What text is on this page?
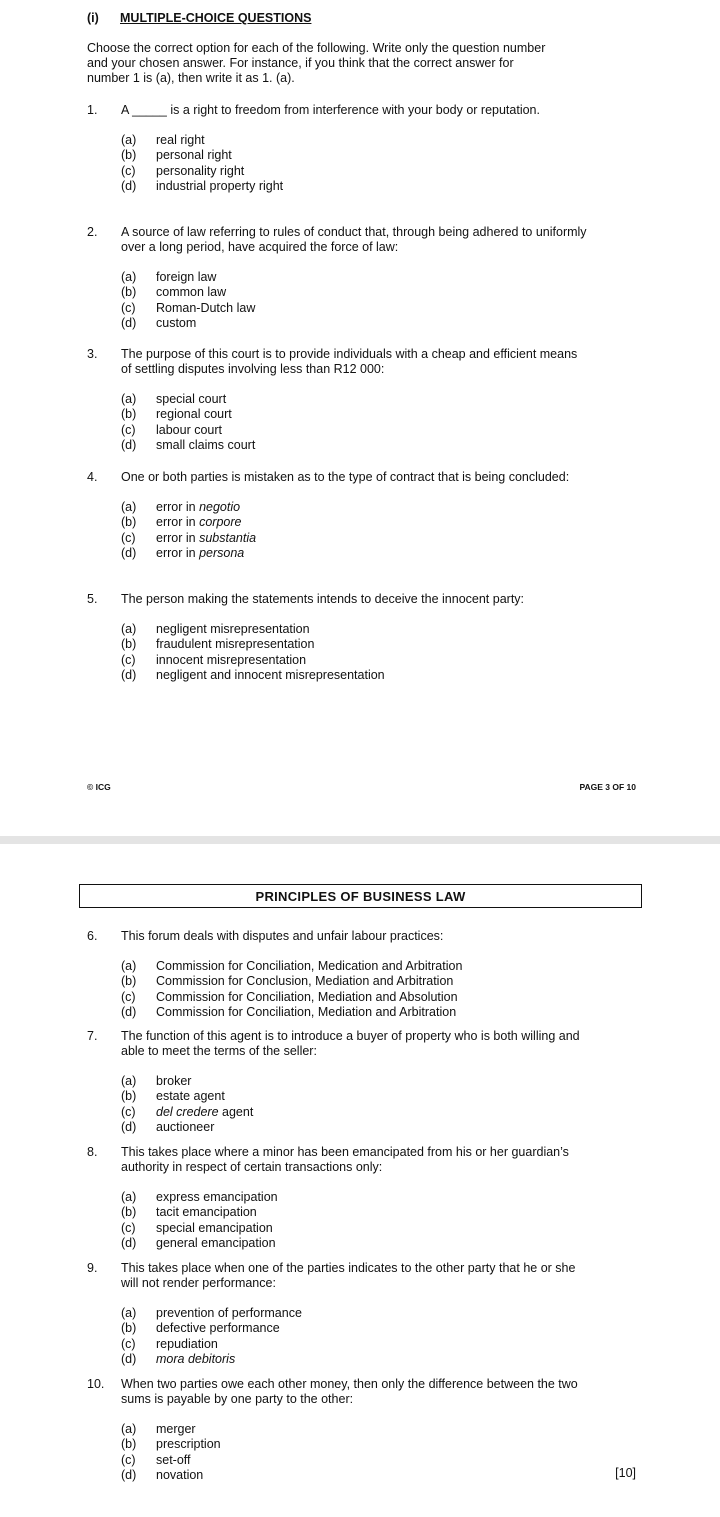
(i) MULTIPLE-CHOICE QUESTIONS
Choose the correct option for each of the following. Write only the question number and your chosen answer. For instance, if you think that the correct answer for number 1 is (a), then write it as 1. (a).
1.	A _____ is a right to freedom from interference with your body or reputation.
(a)	real right
(b)	personal right
(c)	personality right
(d)	industrial property right
2.	A source of law referring to rules of conduct that, through being adhered to uniformly over a long period, have acquired the force of law:
(a)	foreign law
(b)	common law
(c)	Roman-Dutch law
(d)	custom
3.	The purpose of this court is to provide individuals with a cheap and efficient means of settling disputes involving less than R12 000:
(a)	special court
(b)	regional court
(c)	labour court
(d)	small claims court
4.	One or both parties is mistaken as to the type of contract that is being concluded:
(a)	error in negotio
(b)	error in corpore
(c)	error in substantia
(d)	error in persona
5.	The person making the statements intends to deceive the innocent party:
(a)	negligent misrepresentation
(b)	fraudulent misrepresentation
(c)	innocent misrepresentation
(d)	negligent and innocent misrepresentation
© ICG	PAGE 3 OF 10
PRINCIPLES OF BUSINESS LAW
6.	This forum deals with disputes and unfair labour practices:
(a)	Commission for Conciliation, Medication and Arbitration
(b)	Commission for Conclusion, Mediation and Arbitration
(c)	Commission for Conciliation, Mediation and Absolution
(d)	Commission for Conciliation, Mediation and Arbitration
7.	The function of this agent is to introduce a buyer of property who is both willing and able to meet the terms of the seller:
(a)	broker
(b)	estate agent
(c)	del credere agent
(d)	auctioneer
8.	This takes place where a minor has been emancipated from his or her guardian’s authority in respect of certain transactions only:
(a)	express emancipation
(b)	tacit emancipation
(c)	special emancipation
(d)	general emancipation
9.	This takes place when one of the parties indicates to the other party that he or she will not render performance:
(a)	prevention of performance
(b)	defective performance
(c)	repudiation
(d)	mora debitoris
10.	When two parties owe each other money, then only the difference between the two sums is payable by one party to the other:
(a)	merger
(b)	prescription
(c)	set-off
(d)	novation	[10]
